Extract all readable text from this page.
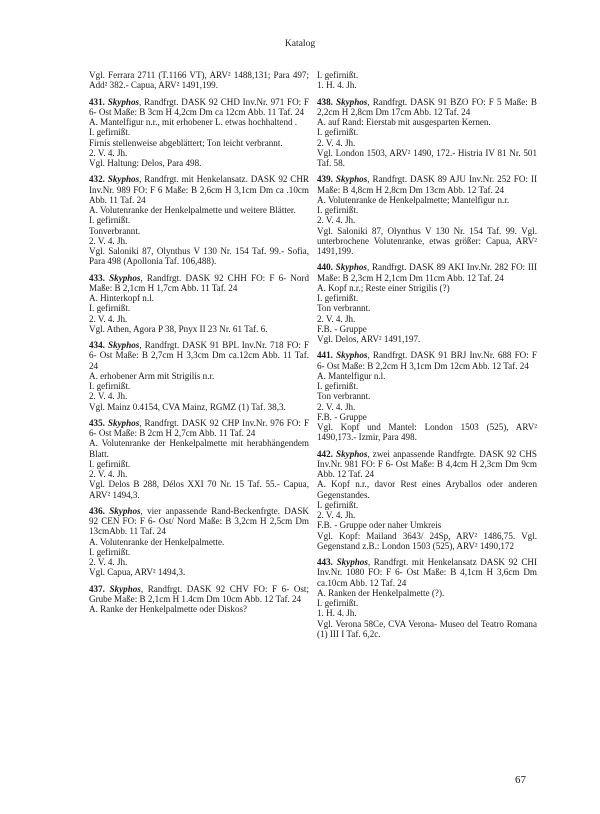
Katalog
Vgl. Ferrara 2711 (T.1166 VT), ARV² 1488,131; Para 497; Add² 382.- Capua, ARV² 1491,199.
431. Skyphos, Randfrgt. DASK 92 CHD Inv.Nr. 971 FO: F 6- Ost Maße: B 3cm H 4,2cm Dm ca 12cm Abb. 11 Taf. 24
A. Mantelfigur n.r., mit erhobener L. etwas hochhaltend .
I. gefirnißt.
Firnis stellenweise abgeblättert; Ton leicht verbrannt.
2. V. 4. Jh.
Vgl. Haltung: Delos, Para 498.
432. Skyphos, Randfrgt. mit Henkelansatz. DASK 92 CHR Inv.Nr. 989 FO: F 6 Maße: B 2,6cm H 3,1cm Dm ca .10cm Abb. 11 Taf. 24
A. Volutenranke der Henkelpalmette und weitere Blätter.
I. gefirnißt.
Tonverbrannt.
2. V. 4. Jh.
Vgl. Saloniki 87, Olynthus V 130 Nr. 154 Taf. 99.- Sofia, Para 498 (Apollonia Taf. 106,488).
433. Skyphos, Randfrgt. DASK 92 CHH FO: F 6- Nord Maße: B 2,1cm H 1,7cm Abb. 11 Taf. 24
A. Hinterkopf n.l.
I. gefirnißt.
2. V. 4. Jh.
Vgl. Athen, Agora P 38, Pnyx II 23 Nr. 61 Taf. 6.
434. Skyphos, Randfrgt. DASK 91 BPL Inv.Nr. 718 FO: F 6- Ost Maße: B 2,7cm H 3,3cm Dm ca.12cm Abb. 11 Taf. 24
A. erhobener Arm mit Strigilis n.r.
I. gefirnißt.
2. V. 4. Jh.
Vgl. Mainz 0.4154, CVA Mainz, RGMZ (1) Taf. 38,3.
435. Skyphos, Randfrgt. DASK 92 CHP Inv.Nr. 976 FO: F 6- Ost Maße: B 2cm H 2,7cm Abb. 11 Taf. 24
A. Volutenranke der Henkelpalmette mit herabhängendem Blatt.
I. gefirnißt.
2. V. 4. Jh.
Vgl. Delos B 288, Délos XXI 70 Nr. 15 Taf. 55.- Capua, ARV² 1494,3.
436. Skyphos, vier anpassende Rand-Beckenfrgte. DASK 92 CEN FO: F 6- Ost/ Nord Maße: B 3,2cm H 2,5cm Dm 13cmAbb. 11 Taf. 24
A. Volutenranke der Henkelpalmette.
I. gefirnißt.
2. V. 4. Jh.
Vgl. Capua, ARV² 1494,3.
437. Skyphos, Randfrgt. DASK 92 CHV FO: F 6- Ost; Grube Maße: B 2,1cm H 1.4cm Dm 10cm Abb. 12 Taf. 24
A. Ranke der Henkelpalmette oder Diskos?
I. gefirnißt.
1. H. 4. Jh.
438. Skyphos, Randfrgt. DASK 91 BZO FO: F 5 Maße: B 2,2cm H 2,8cm Dm 17cm Abb. 12 Taf. 24
A. auf Rand: Eierstab mit ausgesparten Kernen.
I. gefirnißt.
2. V. 4. Jh.
Vgl. London 1503, ARV² 1490, 172.- Histria IV 81 Nr. 501 Taf. 58.
439. Skyphos, Randfrgt. DASK 89 AJU Inv.Nr. 252 FO: II Maße: B 4,8cm H 2,8cm Dm 13cm Abb. 12 Taf. 24
A. Volutenranke de Henkelpalmette; Mantelfigur n.r.
I. gefirnißt.
2. V. 4. Jh.
Vgl. Saloniki 87, Olynthus V 130 Nr. 154 Taf. 99. Vgl. unterbrochene Volutenranke, etwas größer: Capua, ARV² 1491,199.
440. Skyphos, Randfrgt. DASK 89 AKI Inv.Nr. 282 FO: III Maße: B 2,3cm H 2,1cm Dm 11cm Abb. 12 Taf. 24
A. Kopf n.r.; Reste einer Strigilis (?)
I. gefirnißt.
Ton verbrannt.
2. V. 4. Jh.
F.B. - Gruppe
Vgl. Delos, ARV² 1491,197.
441. Skyphos, Randfrgt. DASK 91 BRJ Inv.Nr. 688 FO: F 6- Ost Maße: B 2,2cm H 3,1cm Dm 12cm Abb. 12 Taf. 24
A. Mantelfigur n.l.
I. gefirnißt.
Ton verbrannt.
2. V. 4. Jh.
F.B. - Gruppe
Vgl. Kopf und Mantel: London 1503 (525), ARV² 1490,173.- Izmir, Para 498.
442. Skyphos, zwei anpassende Randfrgte. DASK 92 CHS Inv.Nr. 981 FO: F 6- Ost Maße: B 4,4cm H 2,3cm Dm 9cm Abb. 12 Taf. 24
A. Kopf n.r., davor Rest eines Aryballos oder anderen Gegenstandes.
I. gefirnißt.
2. V. 4. Jh.
F.B. - Gruppe oder naher Umkreis
Vgl. Kopf: Mailand 3643/ 24Sp, ARV² 1486,75. Vgl. Gegenstand z.B.: London 1503 (525), ARV² 1490,172
443. Skyphos, Randfrgt. mit Henkelansatz DASK 92 CHI Inv.Nr. 1080 FO: F 6- Ost Maße: B 4,1cm H 3,6cm Dm ca.10cm Abb. 12 Taf. 24
A. Ranken der Henkelpalmette (?).
I. gefirnißt.
1. H. 4. Jh.
Vgl. Verona 58Ce, CVA Verona- Museo del Teatro Romana (1) III I Taf. 6,2c.
67
